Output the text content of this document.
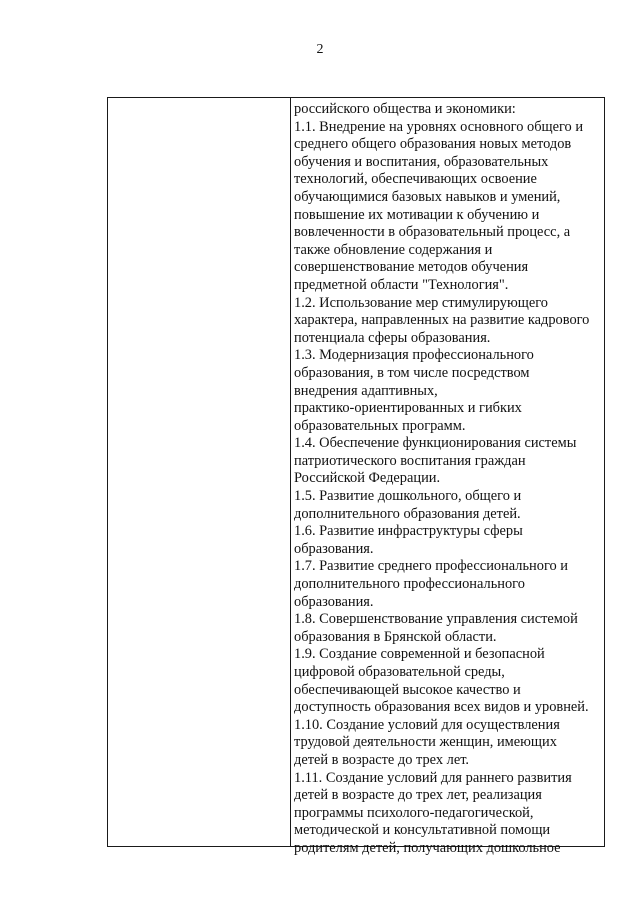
2
российского общества и экономики:
1.1. Внедрение на уровнях основного общего и
среднего общего образования новых методов
обучения и воспитания, образовательных
технологий, обеспечивающих освоение
обучающимися базовых навыков и умений,
повышение их мотивации к обучению и
вовлеченности в образовательный процесс, а
также обновление содержания и
совершенствование методов обучения
предметной области "Технология".
1.2. Использование мер стимулирующего
характера, направленных на развитие кадрового
потенциала сферы образования.
1.3. Модернизация профессионального
образования, в том числе посредством
внедрения адаптивных,
практико-ориентированных и гибких
образовательных программ.
1.4. Обеспечение функционирования системы
патриотического воспитания граждан
Российской Федерации.
1.5. Развитие дошкольного, общего и
дополнительного образования детей.
1.6. Развитие инфраструктуры сферы
образования.
1.7. Развитие среднего профессионального и
дополнительного профессионального
образования.
1.8. Совершенствование управления системой
образования в Брянской области.
1.9. Создание современной и безопасной
цифровой образовательной среды,
обеспечивающей высокое качество и
доступность образования всех видов и уровней.
1.10. Создание условий для осуществления
трудовой деятельности женщин, имеющих
детей в возрасте до трех лет.
1.11. Создание условий для раннего развития
детей в возрасте до трех лет, реализация
программы психолого-педагогической,
методической и консультативной помощи
родителям детей, получающих дошкольное
